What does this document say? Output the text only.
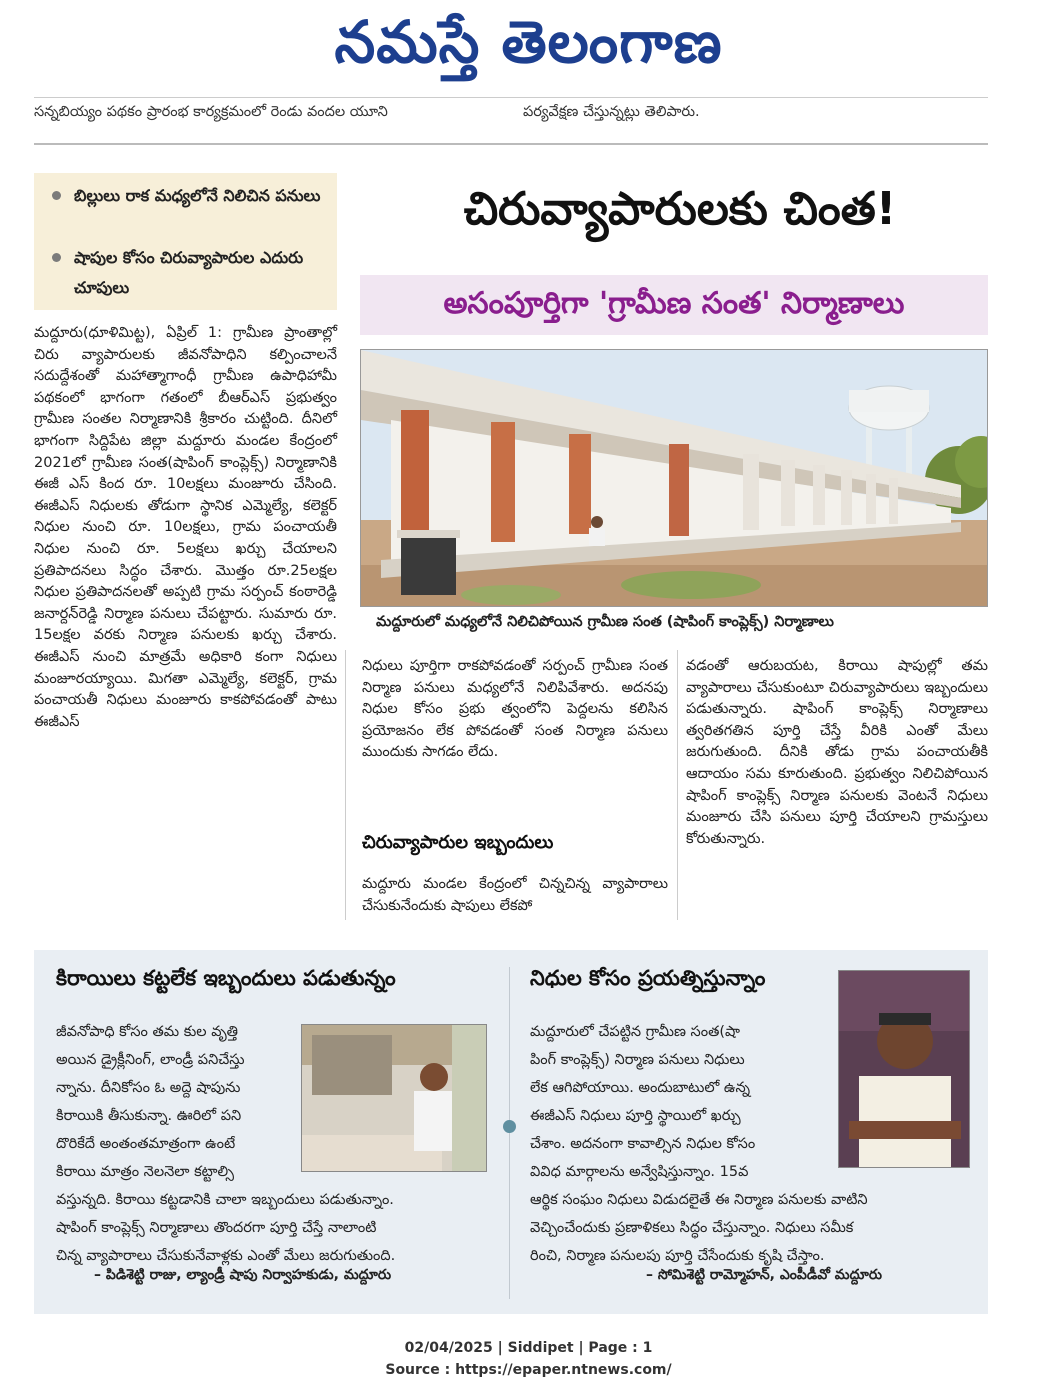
నమస్తే తెలంగాణ
సన్నబియ్యం పథకం ప్రారంభ కార్యక్రమంలో రెండు వందల యూని	పర్యవేక్షణ చేస్తున్నట్లు తెలిపారు.
బిల్లులు రాక మధ్యలోనే నిలిచిన పనులు
షాపుల కోసం చిరువ్యాపారుల ఎదురు చూపులు
చిరువ్యాపారులకు చింత!
అసంపూర్తిగా 'గ్రామీణ సంత' నిర్మాణాలు
మద్దూరులో మధ్యలోనే నిలిచిపోయిన గ్రామీణ సంత (షాపింగ్ కాంప్లెక్స్) నిర్మాణాలు

మద్దూరు(ధూళిమిట్ట), ఏప్రిల్ 1: గ్రామీణ ప్రాంతాల్లో చిరు వ్యాపారులకు జీవనోపాధిని కల్పించాలనే సదుద్దేశంతో మహాత్మాగాంధీ గ్రామీణ ఉపాధిహామీ పథకంలో భాగంగా గతంలో బీఆర్ఎస్ ప్రభుత్వం గ్రామీణ సంతల నిర్మాణానికి శ్రీకారం చుట్టింది. దీనిలో భాగంగా సిద్దిపేట జిల్లా మద్దూరు మండల కేంద్రంలో 2021లో గ్రామీణ సంత(షాపింగ్ కాంప్లెక్స్) నిర్మాణానికి ఈజీ ఎస్ కింద రూ. 10లక్షలు మంజూరు చేసింది. ఈజీఎస్ నిధులకు తోడుగా స్థానిక ఎమ్మెల్యే, కలెక్టర్ నిధుల నుంచి రూ. 10లక్షలు, గ్రామ పంచాయతీ నిధుల నుంచి రూ. 5లక్షలు ఖర్చు చేయాలని ప్రతిపాదనలు సిద్ధం చేశారు. మొత్తం రూ.25లక్షల నిధుల ప్రతిపాదనలతో అప్పటి గ్రామ సర్పంచ్ కంఠారెడ్డి జనార్దన్‌రెడ్డి నిర్మాణ పనులు చేపట్టారు. సుమారు రూ. 15లక్షల వరకు నిర్మాణ పనులకు ఖర్చు చేశారు. ఈజీఎస్ నుంచి మాత్రమే అధికారి కంగా నిధులు మంజూరయ్యాయి. మిగతా ఎమ్మెల్యే, కలెక్టర్, గ్రామ పంచాయతీ నిధులు మంజూరు కాకపోవడంతో పాటు ఈజీఎస్

నిధులు పూర్తిగా రాకపోవడంతో సర్పంచ్ గ్రామీణ సంత నిర్మాణ పనులు మధ్యలోనే నిలిపివేశారు. అదనపు నిధుల కోసం ప్రభు త్వంలోని పెద్దలను కలిసిన ప్రయోజనం లేక పోవడంతో సంత నిర్మాణ పనులు ముందుకు సాగడం లేదు.

చిరువ్యాపారుల ఇబ్బందులు

మద్దూరు మండల కేంద్రంలో చిన్నచిన్న వ్యాపారాలు చేసుకునేందుకు షాపులు లేకపో

వడంతో ఆరుబయట, కిరాయి షాపుల్లో తమ వ్యాపారాలు చేసుకుంటూ చిరువ్యాపారులు ఇబ్బందులు పడుతున్నారు. షాపింగ్ కాంప్లెక్స్ నిర్మాణాలు త్వరితగతిన పూర్తి చేస్తే వీరికి ఎంతో మేలు జరుగుతుంది. దీనికి తోడు గ్రామ పంచాయతీకి ఆదాయం సమ కూరుతుంది. ప్రభుత్వం నిలిచిపోయిన షాపింగ్ కాంప్లెక్స్ నిర్మాణ పనులకు వెంటనే నిధులు మంజూరు చేసి పనులు పూర్తి చేయాలని గ్రామస్తులు కోరుతున్నారు.

కిరాయిలు కట్టలేక ఇబ్బందులు పడుతున్నం
జీవనోపాధి కోసం తమ కుల వృత్తి
అయిన డ్రైక్లీనింగ్, లాండ్రీ పనిచేస్తు
న్నాను. దీనికోసం ఓ అద్దె షాపును
కిరాయికి తీసుకున్నా. ఊరిలో పని
దొరికేదే అంతంతమాత్రంగా ఉంటే
కిరాయి మాత్రం నెలనెలా కట్టాల్సి
వస్తున్నది. కిరాయి కట్టడానికి చాలా ఇబ్బందులు పడుతున్నాం.
షాపింగ్ కాంప్లెక్స్ నిర్మాణాలు తొందరగా పూర్తి చేస్తే నాలాంటి
చిన్న వ్యాపారాలు చేసుకునేవాళ్లకు ఎంతో మేలు జరుగుతుంది.
– పిడిశెట్టి రాజు, ల్యాండ్రీ షాపు నిర్వాహకుడు, మద్దూరు
నిధుల కోసం ప్రయత్నిస్తున్నాం
మద్దూరులో చేపట్టిన గ్రామీణ సంత(షా
పింగ్ కాంప్లెక్స్) నిర్మాణ పనులు నిధులు
లేక ఆగిపోయాయి. అందుబాటులో ఉన్న
ఈజీఎస్ నిధులు పూర్తి స్థాయిలో ఖర్చు
చేశాం. అదనంగా కావాల్సిన నిధుల కోసం
వివిధ మార్గాలను అన్వేషిస్తున్నాం. 15వ
ఆర్థిక సంఘం నిధులు విడుదలైతే ఈ నిర్మాణ పనులకు వాటిని
వెచ్చించేందుకు ప్రణాళికలు సిద్ధం చేస్తున్నాం. నిధులు సమీక
రించి, నిర్మాణ పనులపు పూర్తి చేసేందుకు కృషి చేస్తాం.
– సోమిశెట్టి రామ్మోహన్, ఎంపీడీవో మద్దూరు
02/04/2025 | Siddipet | Page : 1
Source : https://epaper.ntnews.com/
